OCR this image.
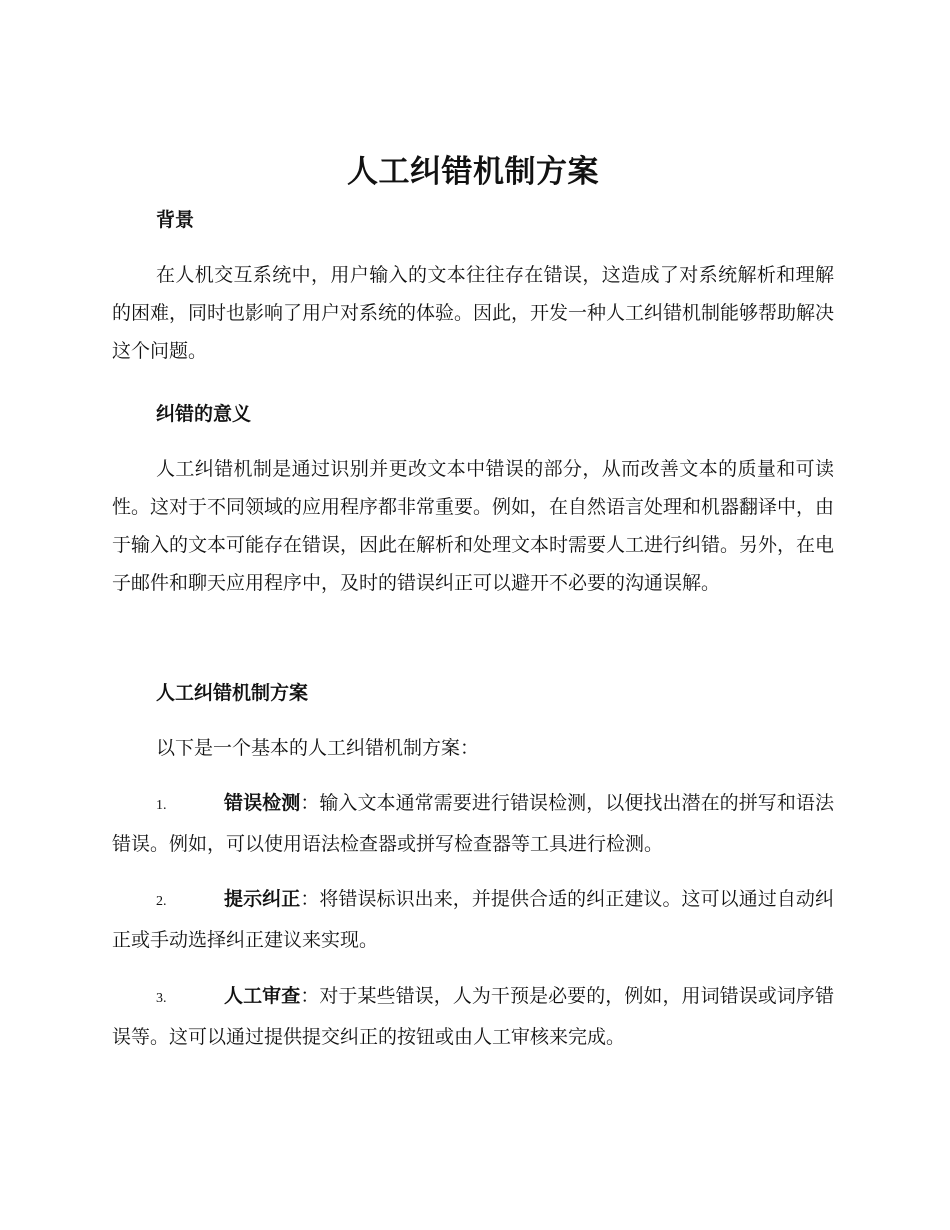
人工纠错机制方案
背景

在人机交互系统中，用户输入的文本往往存在错误，这造成了对系统解析和理解的困难，同时也影响了用户对系统的体验。因此，开发一种人工纠错机制能够帮助解决这个问题。

纠错的意义

人工纠错机制是通过识别并更改文本中错误的部分，从而改善文本的质量和可读性。这对于不同领域的应用程序都非常重要。例如，在自然语言处理和机器翻译中，由于输入的文本可能存在错误，因此在解析和处理文本时需要人工进行纠错。另外，在电子邮件和聊天应用程序中，及时的错误纠正可以避开不必要的沟通误解。

人工纠错机制方案

以下是一个基本的人工纠错机制方案：

1.	错误检测：输入文本通常需要进行错误检测，以便找出潜在的拼写和语法错误。例如，可以使用语法检查器或拼写检查器等工具进行检测。

2.	提示纠正：将错误标识出来，并提供合适的纠正建议。这可以通过自动纠正或手动选择纠正建议来实现。

3.	人工审查：对于某些错误，人为干预是必要的，例如，用词错误或词序错误等。这可以通过提供提交纠正的按钮或由人工审核来完成。
